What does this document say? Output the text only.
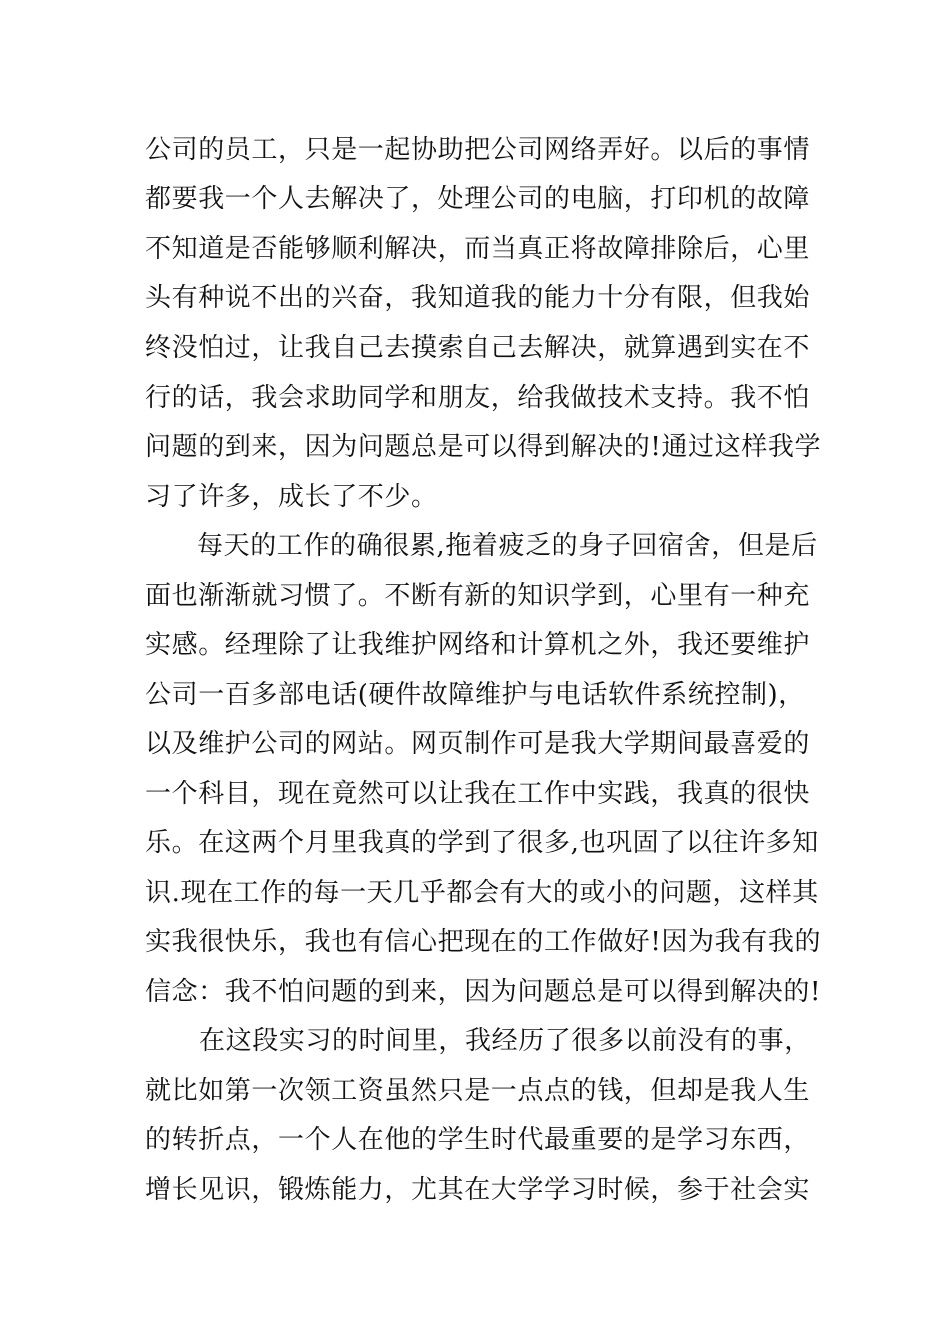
公司的员工，只是一起协助把公司网络弄好。以后的事情
都要我一个人去解决了，处理公司的电脑，打印机的故障
不知道是否能够顺利解决，而当真正将故障排除后，心里
头有种说不出的兴奋，我知道我的能力十分有限，但我始
终没怕过，让我自己去摸索自己去解决，就算遇到实在不
行的话，我会求助同学和朋友，给我做技术支持。我不怕
问题的到来，因为问题总是可以得到解决的!通过这样我学
习了许多，成长了不少。
每天的工作的确很累,拖着疲乏的身子回宿舍，但是后
面也渐渐就习惯了。不断有新的知识学到，心里有一种充
实感。经理除了让我维护网络和计算机之外，我还要维护
公司一百多部电话(硬件故障维护与电话软件系统控制)，
以及维护公司的网站。网页制作可是我大学期间最喜爱的
一个科目，现在竟然可以让我在工作中实践，我真的很快
乐。在这两个月里我真的学到了很多,也巩固了以往许多知
识.现在工作的每一天几乎都会有大的或小的问题，这样其
实我很快乐，我也有信心把现在的工作做好!因为我有我的
信念：我不怕问题的到来，因为问题总是可以得到解决的!
在这段实习的时间里，我经历了很多以前没有的事，
就比如第一次领工资虽然只是一点点的钱，但却是我人生
的转折点，一个人在他的学生时代最重要的是学习东西，
增长见识，锻炼能力，尤其在大学学习时候，参于社会实
